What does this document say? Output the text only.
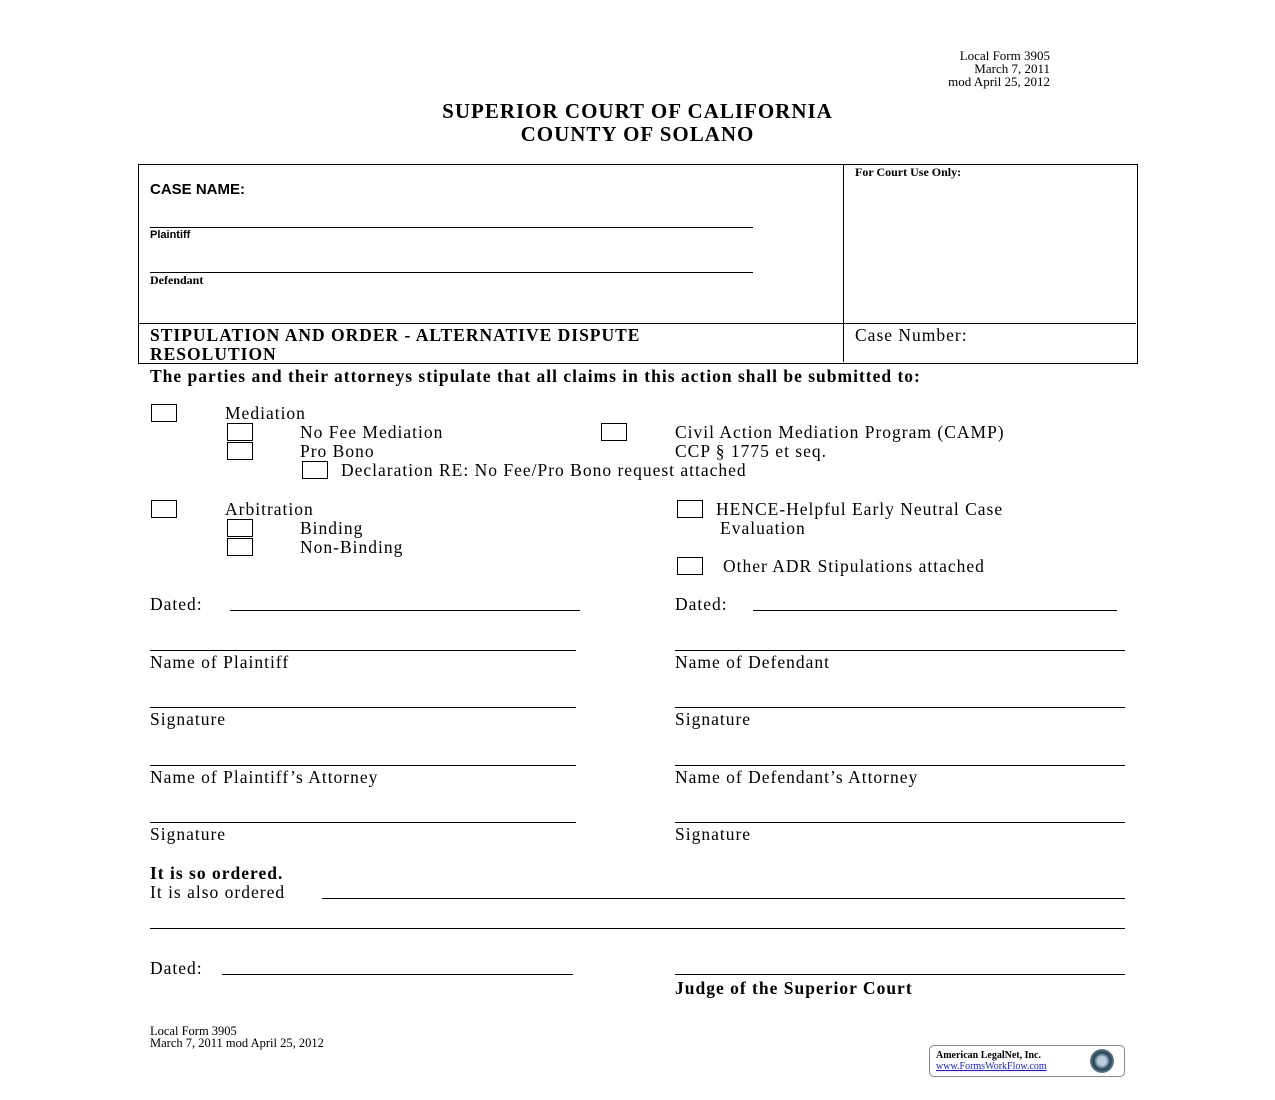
Local Form 3905
March 7, 2011
mod April 25, 2012
SUPERIOR COURT OF CALIFORNIA
COUNTY OF SOLANO
CASE NAME:
Plaintiff
Defendant
For Court Use Only:
STIPULATION AND ORDER - ALTERNATIVE DISPUTE
RESOLUTION
Case Number:
The parties and their attorneys stipulate that all claims in this action shall be submitted to:
Mediation
No Fee Mediation
Pro Bono
Declaration RE: No Fee/Pro Bono request attached
Civil Action Mediation Program (CAMP)
CCP § 1775 et seq.
Arbitration
Binding
Non-Binding
HENCE-Helpful Early Neutral Case
Evaluation
Other ADR Stipulations attached
Dated:	Dated:
Name of Plaintiff	Name of Defendant
Signature	Signature
Name of Plaintiff’s Attorney	Name of Defendant’s Attorney
Signature	Signature
It is so ordered.
It is also ordered
Dated:
Judge of the Superior Court
Local Form 3905
March 7, 2011 mod April 25, 2012
American LegalNet, Inc.
www.FormsWorkFlow.com
